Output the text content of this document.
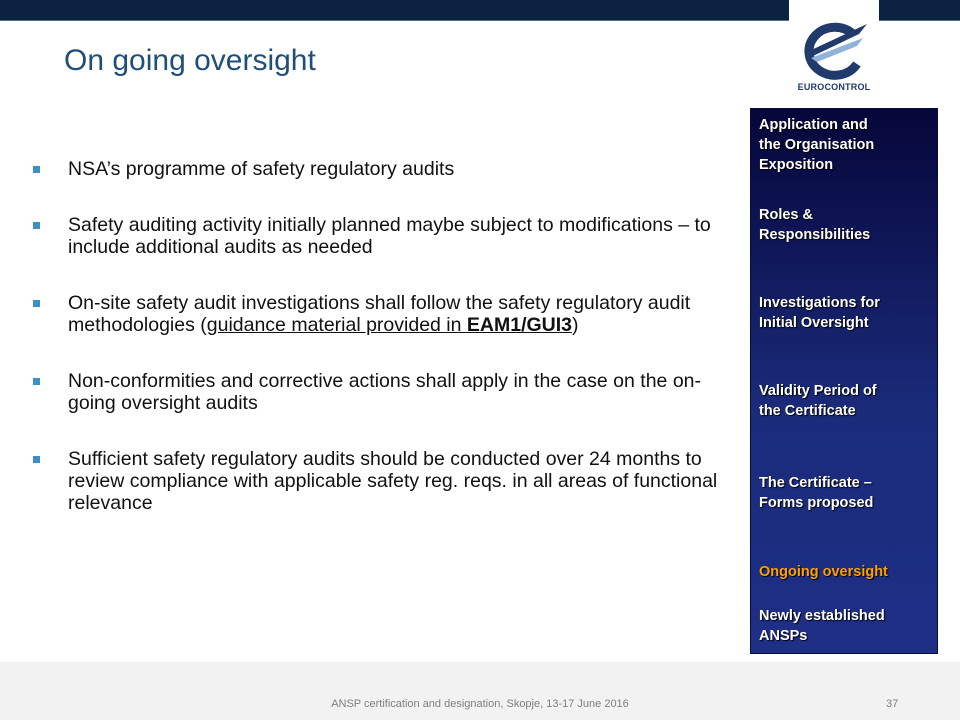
EUROCONTROL
On going oversight
NSA’s programme of safety regulatory audits
Safety auditing activity initially planned maybe subject to modifications – to include additional audits as needed
On-site safety audit investigations shall follow the safety regulatory audit methodologies (guidance material provided in EAM1/GUI3)
Non-conformities and corrective actions shall apply in the case on the on-going oversight audits
Sufficient safety regulatory audits should be conducted over 24 months to review compliance with applicable safety reg. reqs. in all areas of functional relevance
Application and
the Organisation
Exposition
Roles &
Responsibilities
Investigations for
Initial Oversight
Validity Period of
the Certificate
The Certificate –
Forms proposed
Ongoing oversight
Newly established
ANSPs
ANSP certification and designation, Skopje, 13-17 June 2016	37
